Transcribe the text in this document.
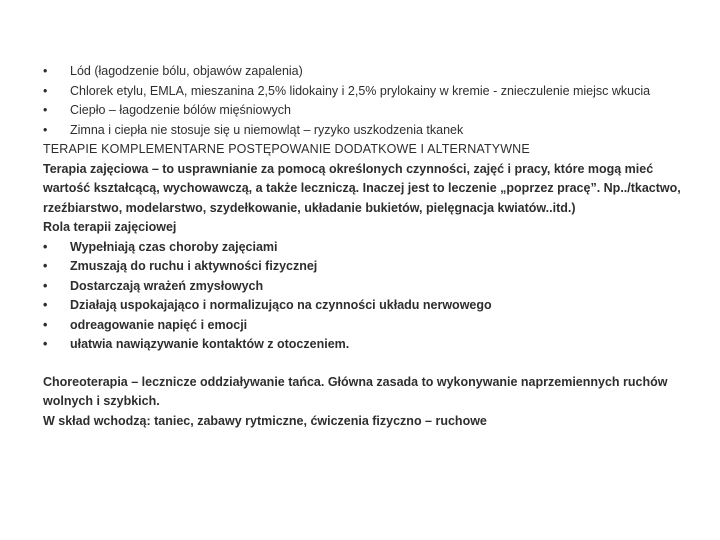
•	Lód (łagodzenie bólu, objawów zapalenia)
•	Chlorek etylu, EMLA, mieszanina 2,5% lidokainy i 2,5% prylokainy w kremie - znieczulenie miejsc wkucia
•	Ciepło – łagodzenie bólów mięśniowych
•	Zimna i ciepła nie stosuje się u niemowląt – ryzyko uszkodzenia tkanek

TERAPIE KOMPLEMENTARNE POSTĘPOWANIE DODATKOWE I ALTERNATYWNE

Terapia zajęciowa – to usprawnianie za pomocą określonych czynności, zajęć i pracy, które mogą mieć wartość kształcącą, wychowawczą, a także leczniczą. Inaczej jest to leczenie „poprzez pracę”. Np../tkactwo, rzeźbiarstwo, modelarstwo, szydełkowanie, układanie bukietów, pielęgnacja kwiatów..itd.)

Rola terapii zajęciowej

•	Wypełniają czas choroby zajęciami
•	Zmuszają do ruchu i aktywności fizycznej
•	Dostarczają wrażeń zmysłowych
•	Działają uspokajająco i normalizująco na czynności układu nerwowego
•	odreagowanie napięć i emocji
•	ułatwia nawiązywanie kontaktów z otoczeniem.

Choreoterapia – lecznicze oddziaływanie tańca. Główna zasada to wykonywanie naprzemiennych ruchów wolnych i szybkich.

W skład wchodzą: taniec, zabawy rytmiczne, ćwiczenia fizyczno – ruchowe
